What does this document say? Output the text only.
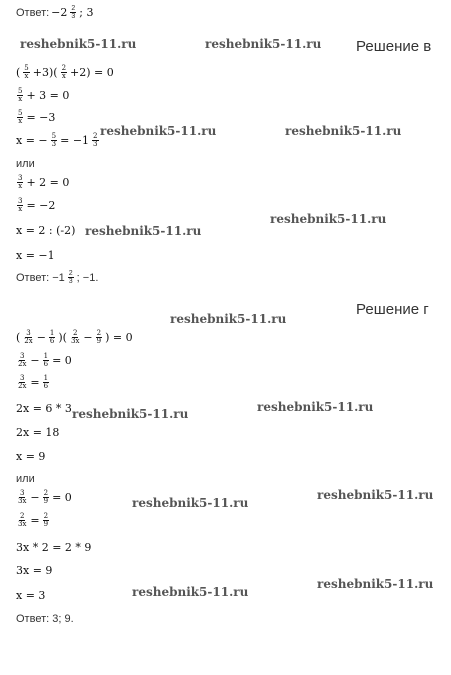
Ответ: $-2 \frac{2}{3}$ ; 3
reshebnik5-11.ru	reshebnik5-11.ru Решение в
( $\frac{5}{x} +3)( \frac{2}{x} +2) = 0$
$\frac{5}{x} + 3 = 0$
$\frac{5}{x} = -3$
x = − $\frac{5}{3} = -1 \frac{2}{3}$
reshebnik5-11.ru	reshebnik5-11.ru
или
$\frac{3}{x} + 2 = 0$
$\frac{3}{x} = -2$
reshebnik5-11.ru
x = 2 : (-2) reshebnik5-11.ru
x = −1
Ответ: $-1 \frac{2}{3}$ ; −1.
Решение г
reshebnik5-11.ru
( $\frac{3}{2x} - \frac{1}{6}$ )( $\frac{2}{3x} - \frac{2}{9}$ ) = 0
$\frac{3}{2x} - \frac{1}{6} = 0$
$\frac{3}{2x} = \frac{1}{6}$
2x = 6 * 3 reshebnik5-11.ru	reshebnik5-11.ru
2x = 18
x = 9
или
$\frac{3}{3x} - \frac{2}{9} = 0$	reshebnik5-11.ru
reshebnik5-11.ru
$\frac{2}{3x} = \frac{2}{9}$
3x * 2 = 2 * 9
3x = 9
x = 3	reshebnik5-11.ru
reshebnik5-11.ru
Ответ: 3; 9.
